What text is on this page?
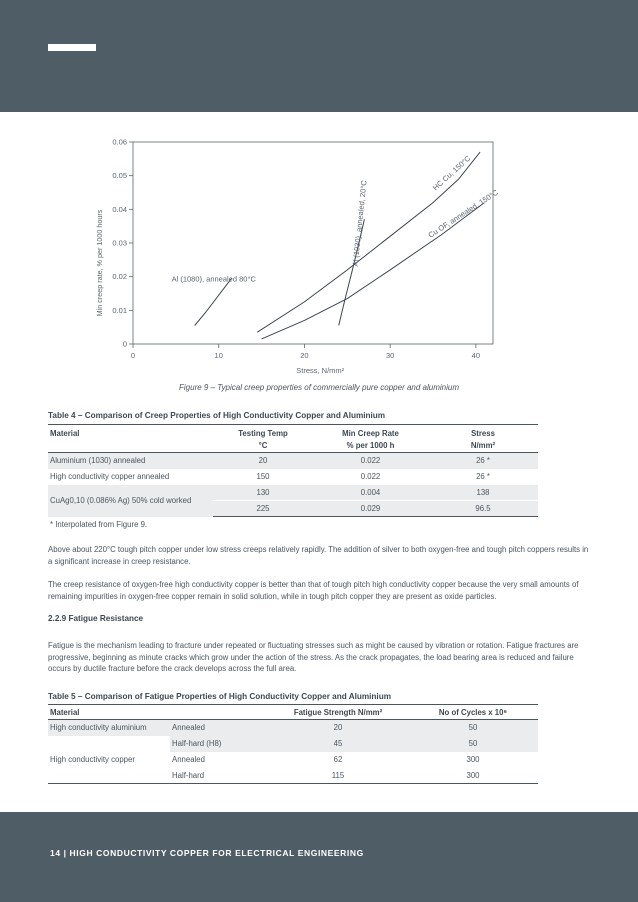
0	10	20	30	40
0
0.01
0.02
0.03
0.04
0.05
0.06
Stress, N/mm²
Min creep rate, % per 1000 hours	Al (1080), annealed 80°C
Al (1030), annealed, 20°C
HC Cu, 150°C
Cu OF, annealed, 150°C
Figure 9 – Typical creep properties of commercially pure copper and aluminium
Table 4 – Comparison of Creep Properties of High Conductivity Copper and Aluminium
Material	Testing Temp	Min Creep Rate	Stress
	°C	% per 1000 h	N/mm²
Aluminium (1030) annealed	20	0.022	26 *
High conductivity copper annealed	150	0.022	26 *
CuAg0,10 (0.086% Ag) 50% cold worked	130	0.004	138
	225	0.029	96.5
* Interpolated from Figure 9.
Above about 220°C tough pitch copper under low stress creeps relatively rapidly. The addition of silver to both oxygen-free and tough pitch coppers results in a significant increase in creep resistance.
The creep resistance of oxygen-free high conductivity copper is better than that of tough pitch high conductivity copper because the very small amounts of remaining impurities in oxygen-free copper remain in solid solution, while in tough pitch copper they are present as oxide particles.
2.2.9 Fatigue Resistance
Fatigue is the mechanism leading to fracture under repeated or fluctuating stresses such as might be caused by vibration or rotation. Fatigue fractures are progressive, beginning as minute cracks which grow under the action of the stress. As the crack propagates, the load bearing area is reduced and failure occurs by ductile fracture before the crack develops across the full area.
Table 5 – Comparison of Fatigue Properties of High Conductivity Copper and Aluminium
Material		Fatigue Strength N/mm²	No of Cycles x 10⁶
High conductivity aluminium	Annealed	20	50
	Half-hard (H8)	45	50
High conductivity copper	Annealed	62	300
	Half-hard	115	300
14 | HIGH CONDUCTIVITY COPPER FOR ELECTRICAL ENGINEERING
